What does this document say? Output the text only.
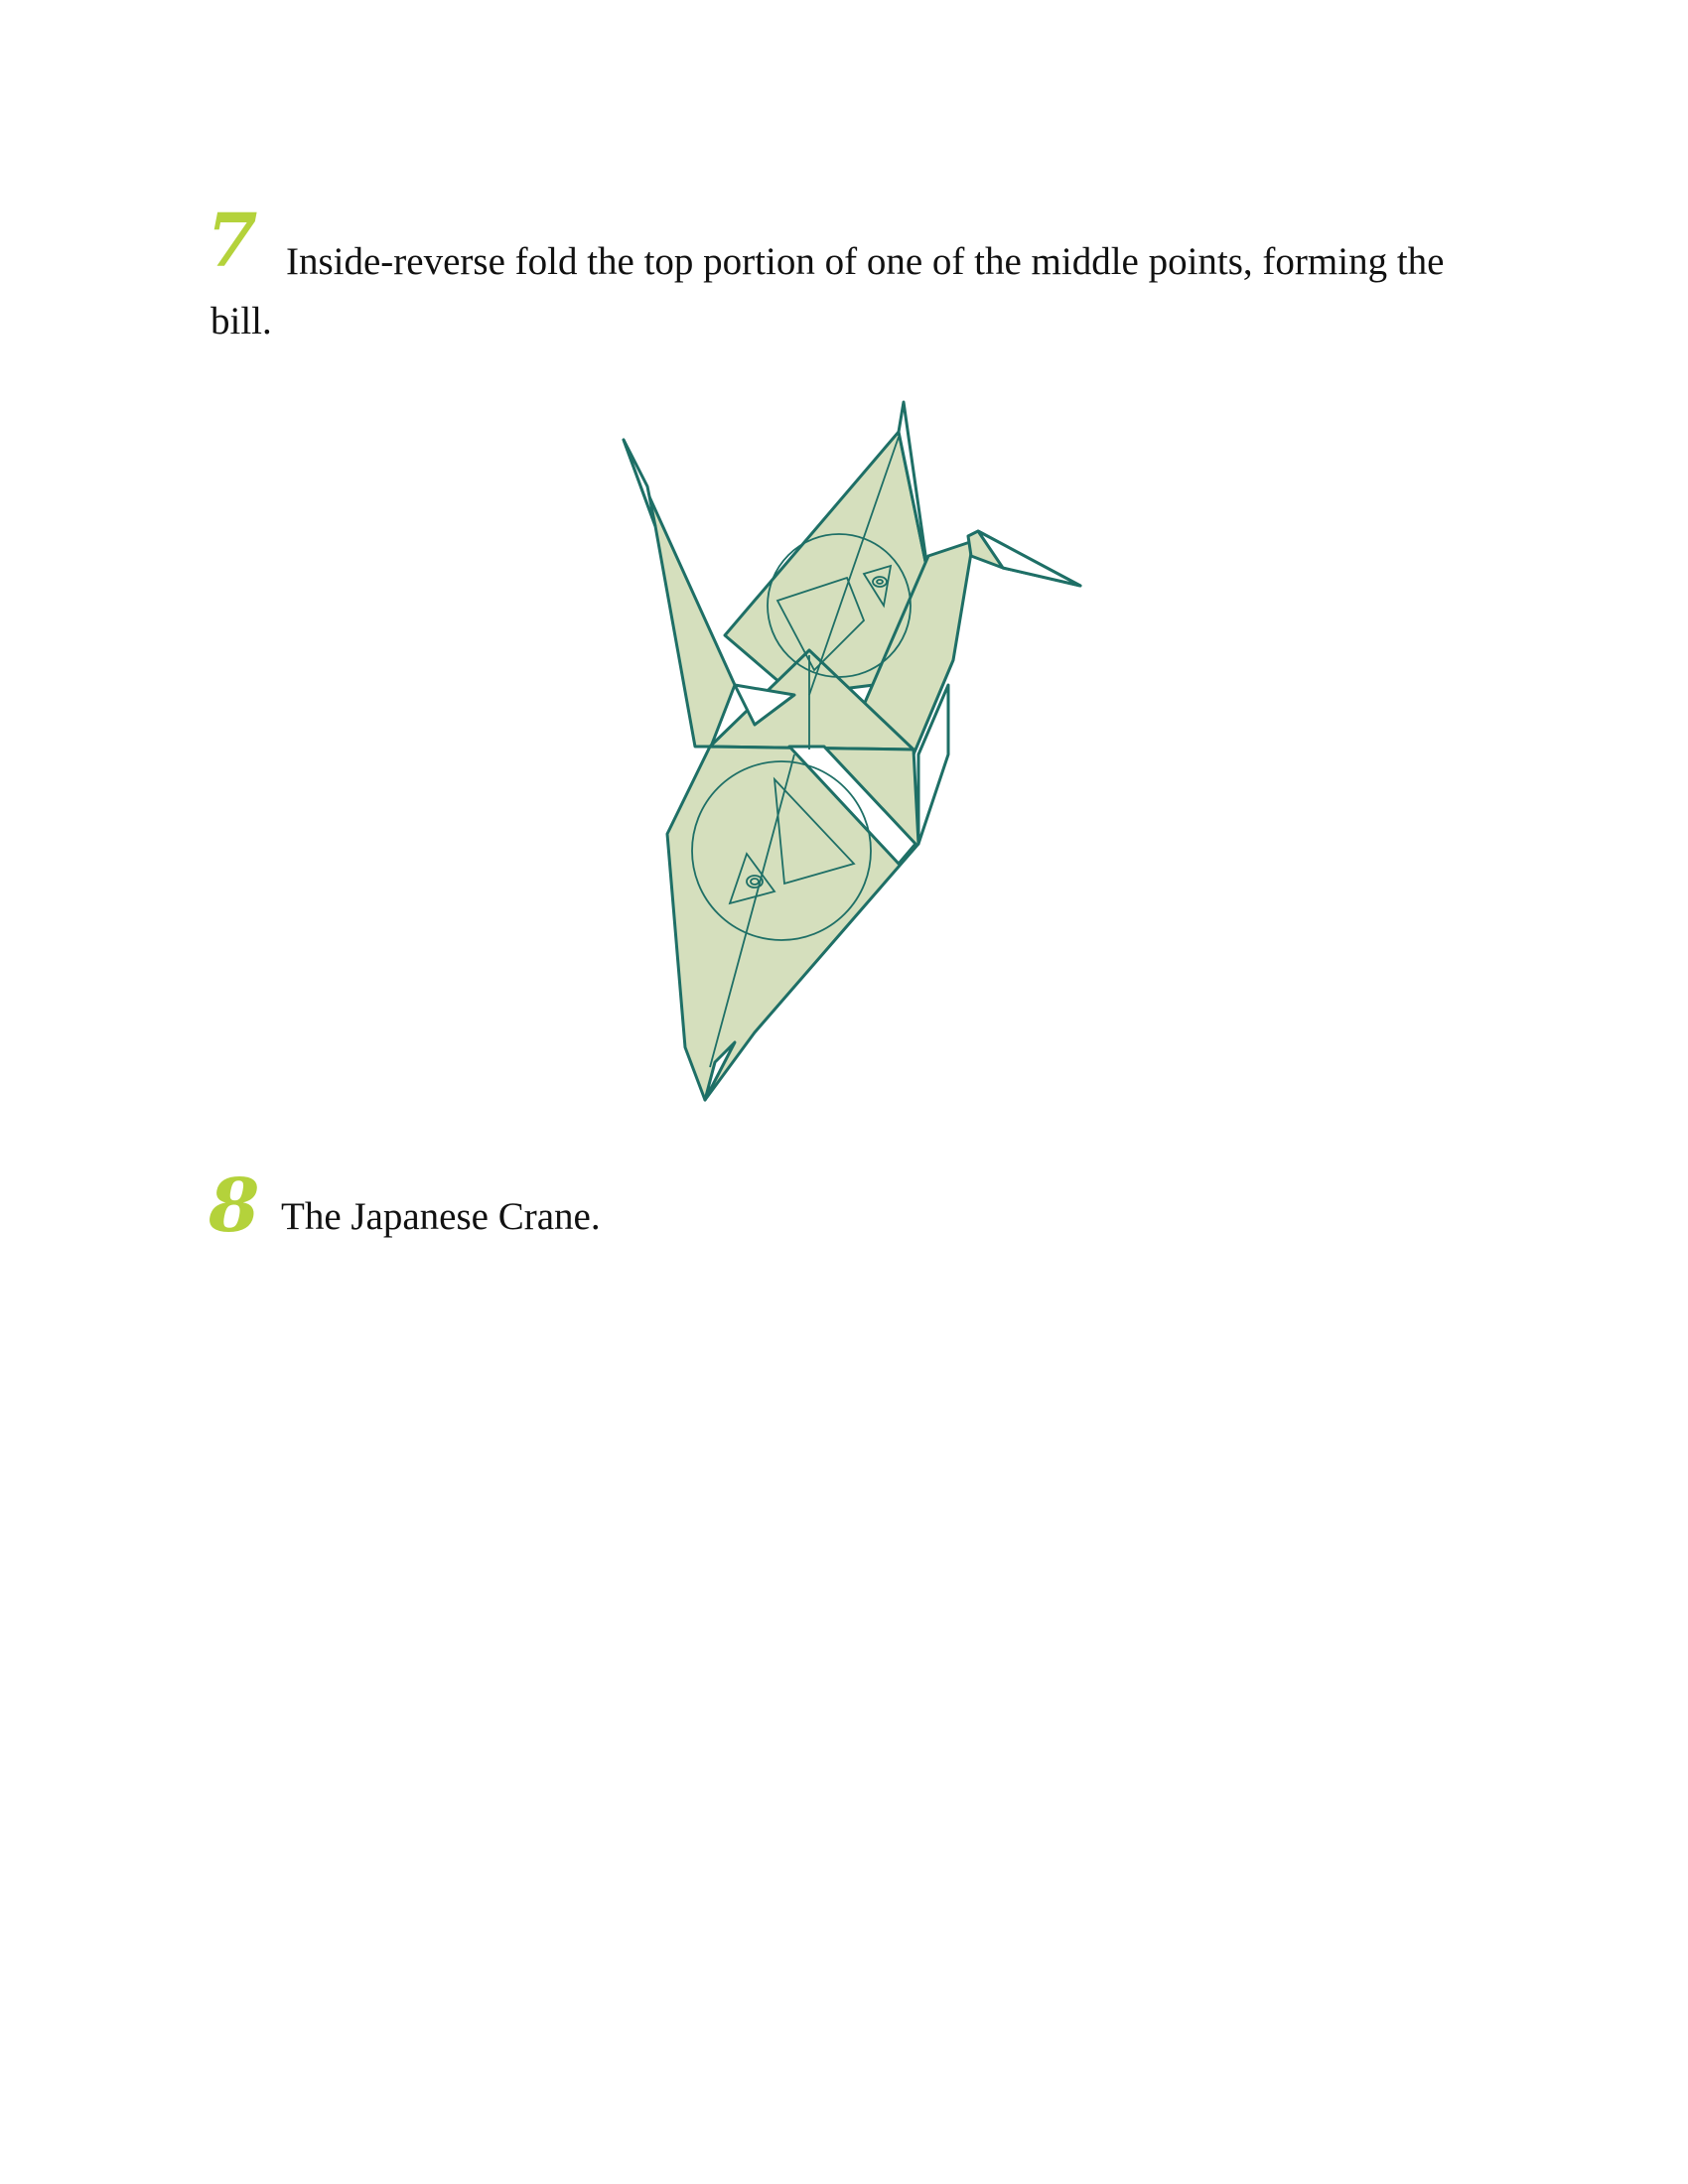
7 Inside-reverse fold the top portion of one of the middle points, forming the bill.

8 The Japanese Crane.
